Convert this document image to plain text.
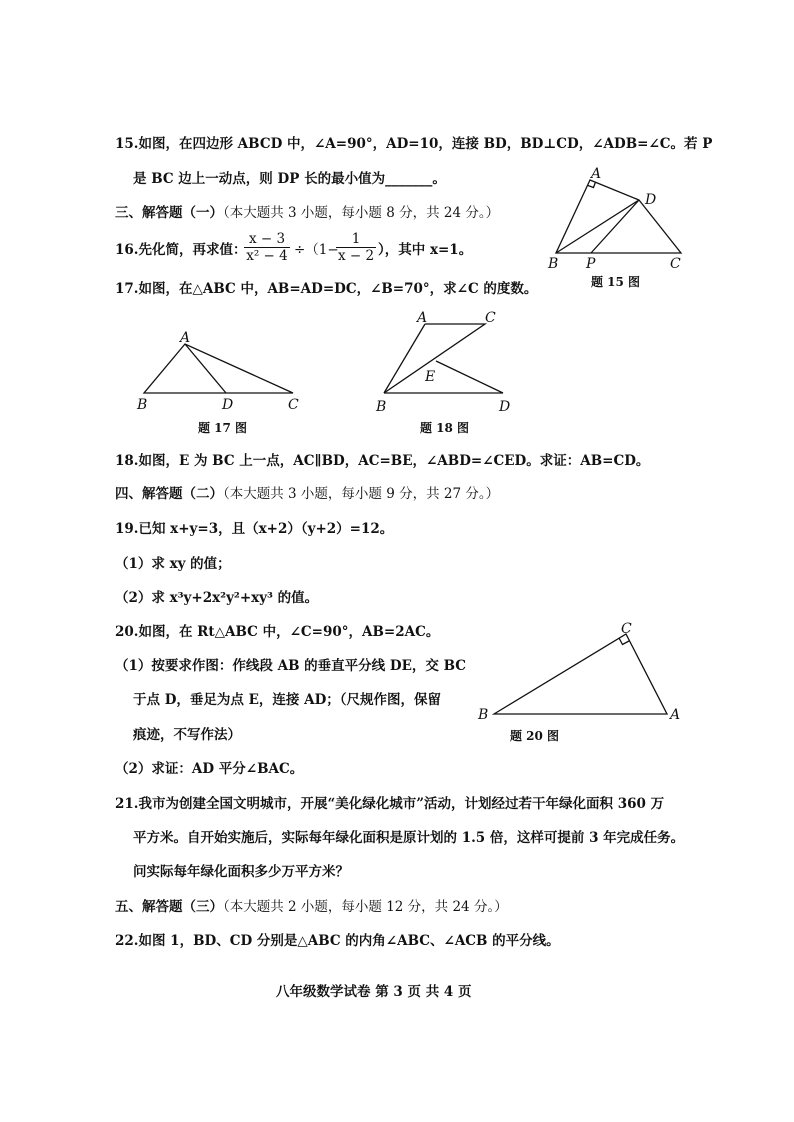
15.如图，在四边形 ABCD 中，∠A=90°，AD=10，连接 BD，BD⊥CD，∠ADB=∠C。若 P
是 BC 边上一动点，则 DP 长的最小值为_______。
三、解答题（一）（本大题共 3 小题，每小题 8 分，共 24 分。）
16.先化简，再求值：
$\frac{x - 3}{\text{x² − 4}} \div(1-$
$\frac{1}{x - 2}$ ），其中 x=1。
17.如图，在△ABC 中，AB=AD=DC，∠B=70°，求∠C 的度数。
18.如图，E 为 BC 上一点，AC∥BD，AC=BE，∠ABD=∠CED。求证：AB=CD。
四、解答题（二）（本大题共 3 小题，每小题 9 分，共 27 分。）
19.已知 x+y=3，且（x+2）（y+2）=12。
（1）求 xy 的值；
（2）求 x³y+2x²y²+xy³ 的值。
20.如图，在 Rt△ABC 中，∠C=90°，AB=2AC。
（1）按要求作图：作线段 AB 的垂直平分线 DE，交 BC
于点 D，垂足为点 E，连接 AD；（尺规作图，保留
痕迹，不写作法）
（2）求证：AD 平分∠BAC。
21.我市为创建全国文明城市，开展“美化绿化城市”活动，计划经过若干年绿化面积 360 万
平方米。自开始实施后，实际每年绿化面积是原计划的 1.5 倍，这样可提前 3 年完成任务。
问实际每年绿化面积多少万平方米？
五、解答题（三）（本大题共 2 小题，每小题 12 分，共 24 分。）
22.如图 1，BD、CD 分别是△ABC 的内角∠ABC、∠ACB 的平分线。
八年级数学试卷 第 3 页 共 4 页
题 15 图
题 17 图	题 18 图
题 20 图
A
D
B P	C
A
B	D	C
A	C
E
B	D
C
B	A
